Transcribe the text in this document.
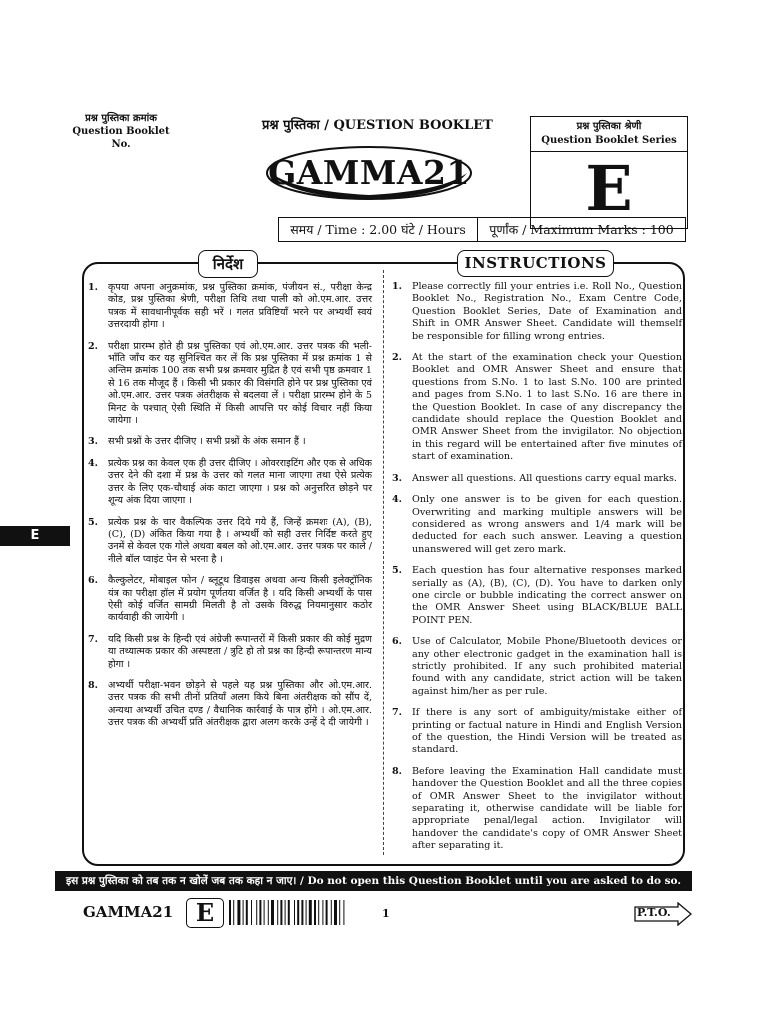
प्रश्न पुस्तिका क्रमांक
Question Booklet No.
प्रश्न पुस्तिका / QUESTION BOOKLET
GAMMA21
प्रश्न पुस्तिका श्रेणी
Question Booklet Series
E
समय / Time : 2.00 घंटे / Hours	पूर्णांक / Maximum Marks : 100
निर्देश	INSTRUCTIONS
E
1.	कृपया अपना अनुक्रमांक, प्रश्न पुस्तिका क्रमांक, पंजीयन सं., परीक्षा केन्द्र कोड, प्रश्न पुस्तिका श्रेणी, परीक्षा तिथि तथा पाली को ओ.एम.आर. उत्तर पत्रक में सावधानीपूर्वक सही भरें । गलत प्रविष्टियाँ भरने पर अभ्यर्थी स्वयं उत्तरदायी होगा ।
2.	परीक्षा प्रारम्भ होते ही प्रश्न पुस्तिका एवं ओ.एम.आर. उत्तर पत्रक की भली-भाँति जाँच कर यह सुनिश्चित कर लें कि प्रश्न पुस्तिका में प्रश्न क्रमांक 1 से अन्तिम क्रमांक 100 तक सभी प्रश्न क्रमवार मुद्रित है एवं सभी पृष्ठ क्रमवार 1 से 16 तक मौजूद हैं । किसी भी प्रकार की विसंगति होने पर प्रश्न पुस्तिका एवं ओ.एम.आर. उत्तर पत्रक अंतरीक्षक से बदलवा लें । परीक्षा प्रारम्भ होने के 5 मिनट के पश्चात् ऐसी स्थिति में किसी आपत्ति पर कोई विचार नहीं किया जायेगा ।
3.	सभी प्रश्नों के उत्तर दीजिए । सभी प्रश्नों के अंक समान हैं ।
4.	प्रत्येक प्रश्न का केवल एक ही उत्तर दीजिए । ओवरराइटिंग और एक से अधिक उत्तर देने की दशा में प्रश्न के उत्तर को गलत माना जाएगा तथा ऐसे प्रत्येक उत्तर के लिए एक-चौथाई अंक काटा जाएगा । प्रश्न को अनुत्तरित छोड़ने पर शून्य अंक दिया जाएगा ।
5.	प्रत्येक प्रश्न के चार वैकल्पिक उत्तर दिये गये हैं, जिन्हें क्रमशः (A), (B), (C), (D) अंकित किया गया है । अभ्यर्थी को सही उत्तर निर्दिष्ट करते हुए उनमें से केवल एक गोले अथवा बबल को ओ.एम.आर. उत्तर पत्रक पर काले / नीले बॉल प्वाइंट पेन से भरना है ।
6.	कैल्कुलेटर, मोबाइल फोन / ब्लूटूथ डिवाइस अथवा अन्य किसी इलेक्ट्रॉनिक यंत्र का परीक्षा हॉल में प्रयोग पूर्णतया वर्जित है । यदि किसी अभ्यर्थी के पास ऐसी कोई वर्जित सामग्री मिलती है तो उसके विरुद्ध नियमानुसार कठोर कार्यवाही की जायेगी ।
7.	यदि किसी प्रश्न के हिन्दी एवं अंग्रेजी रूपान्तरों में किसी प्रकार की कोई मुद्रण या तथ्यात्मक प्रकार की अस्पष्टता / त्रुटि हो तो प्रश्न का हिन्दी रूपान्तरण मान्य होगा ।
8.	अभ्यर्थी परीक्षा-भवन छोड़ने से पहले यह प्रश्न पुस्तिका और ओ.एम.आर. उत्तर पत्रक की सभी तीनों प्रतियाँ अलग किये बिना अंतरीक्षक को सौंप दें, अन्यथा अभ्यर्थी उचित दण्ड / वैधानिक कार्रवाई के पात्र होंगे । ओ.एम.आर. उत्तर पत्रक की अभ्यर्थी प्रति अंतरीक्षक द्वारा अलग करके उन्हें दे दी जायेगी ।
1.	Please correctly fill your entries i.e. Roll No., Question Booklet No., Registration No., Exam Centre Code, Question Booklet Series, Date of Examination and Shift in OMR Answer Sheet. Candidate will themself be responsible for filling wrong entries.
2.	At the start of the examination check your Question Booklet and OMR Answer Sheet and ensure that questions from S.No. 1 to last S.No. 100 are printed and pages from S.No. 1 to last S.No. 16 are there in the Question Booklet. In case of any discrepancy the candidate should replace the Question Booklet and OMR Answer Sheet from the invigilator. No objection in this regard will be entertained after five minutes of start of examination.
3.	Answer all questions. All questions carry equal marks.
4.	Only one answer is to be given for each question. Overwriting and marking multiple answers will be considered as wrong answers and 1/4 mark will be deducted for each such answer. Leaving a question unanswered will get zero mark.
5.	Each question has four alternative responses marked serially as (A), (B), (C), (D). You have to darken only one circle or bubble indicating the correct answer on the OMR Answer Sheet using BLACK/BLUE BALL POINT PEN.
6.	Use of Calculator, Mobile Phone/Bluetooth devices or any other electronic gadget in the examination hall is strictly prohibited. If any such prohibited material found with any candidate, strict action will be taken against him/her as per rule.
7.	If there is any sort of ambiguity/mistake either of printing or factual nature in Hindi and English Version of the question, the Hindi Version will be treated as standard.
8.	Before leaving the Examination Hall candidate must handover the Question Booklet and all the three copies of OMR Answer Sheet to the invigilator without separating it, otherwise candidate will be liable for appropriate penal/legal action. Invigilator will handover the candidate's copy of OMR Answer Sheet after separating it.
इस प्रश्न पुस्तिका को तब तक न खोलें जब तक कहा न जाए। / Do not open this Question Booklet until you are asked to do so.
GAMMA21 E	1	P.T.O.
